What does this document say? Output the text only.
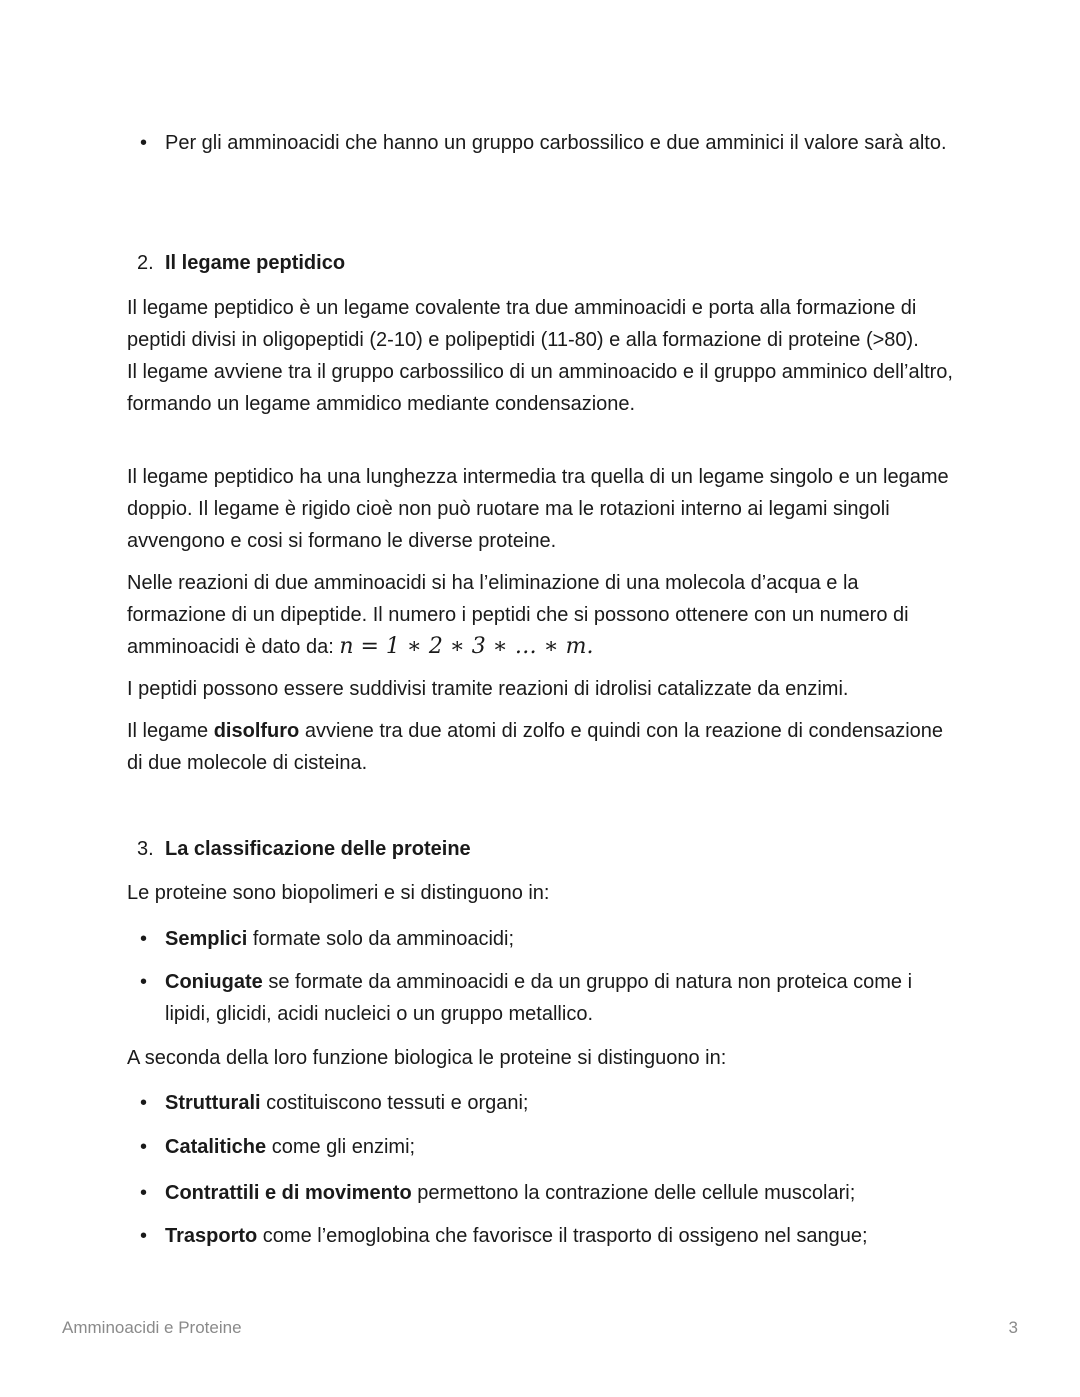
• Per gli amminoacidi che hanno un gruppo carbossilico e due amminici il valore sarà alto.
2. Il legame peptidico
Il legame peptidico è un legame covalente tra due amminoacidi e porta alla formazione di peptidi divisi in oligopeptidi (2-10) e polipeptidi (11-80) e alla formazione di proteine (>80).
Il legame avviene tra il gruppo carbossilico di un amminoacido e il gruppo amminico dell’altro, formando un legame ammidico mediante condensazione.
Il legame peptidico ha una lunghezza intermedia tra quella di un legame singolo e un legame doppio. Il legame è rigido cioè non può ruotare ma le rotazioni interno ai legami singoli avvengono e cosi si formano le diverse proteine.
Nelle reazioni di due amminoacidi si ha l’eliminazione di una molecola d’acqua e la formazione di un dipeptide. Il numero i peptidi che si possono ottenere con un numero di amminoacidi è dato da: n = 1 ∗ 2 ∗ 3 ∗ … ∗ m.
I peptidi possono essere suddivisi tramite reazioni di idrolisi catalizzate da enzimi.
Il legame disolfuro avviene tra due atomi di zolfo e quindi con la reazione di condensazione di due molecole di cisteina.
3. La classificazione delle proteine
Le proteine sono biopolimeri e si distinguono in:
• Semplici formate solo da amminoacidi;
• Coniugate se formate da amminoacidi e da un gruppo di natura non proteica come i lipidi, glicidi, acidi nucleici o un gruppo metallico.
A seconda della loro funzione biologica le proteine si distinguono in:
• Strutturali costituiscono tessuti e organi;
• Catalitiche come gli enzimi;
• Contrattili e di movimento permettono la contrazione delle cellule muscolari;
• Trasporto come l’emoglobina che favorisce il trasporto di ossigeno nel sangue;
Amminoacidi e Proteine	3
